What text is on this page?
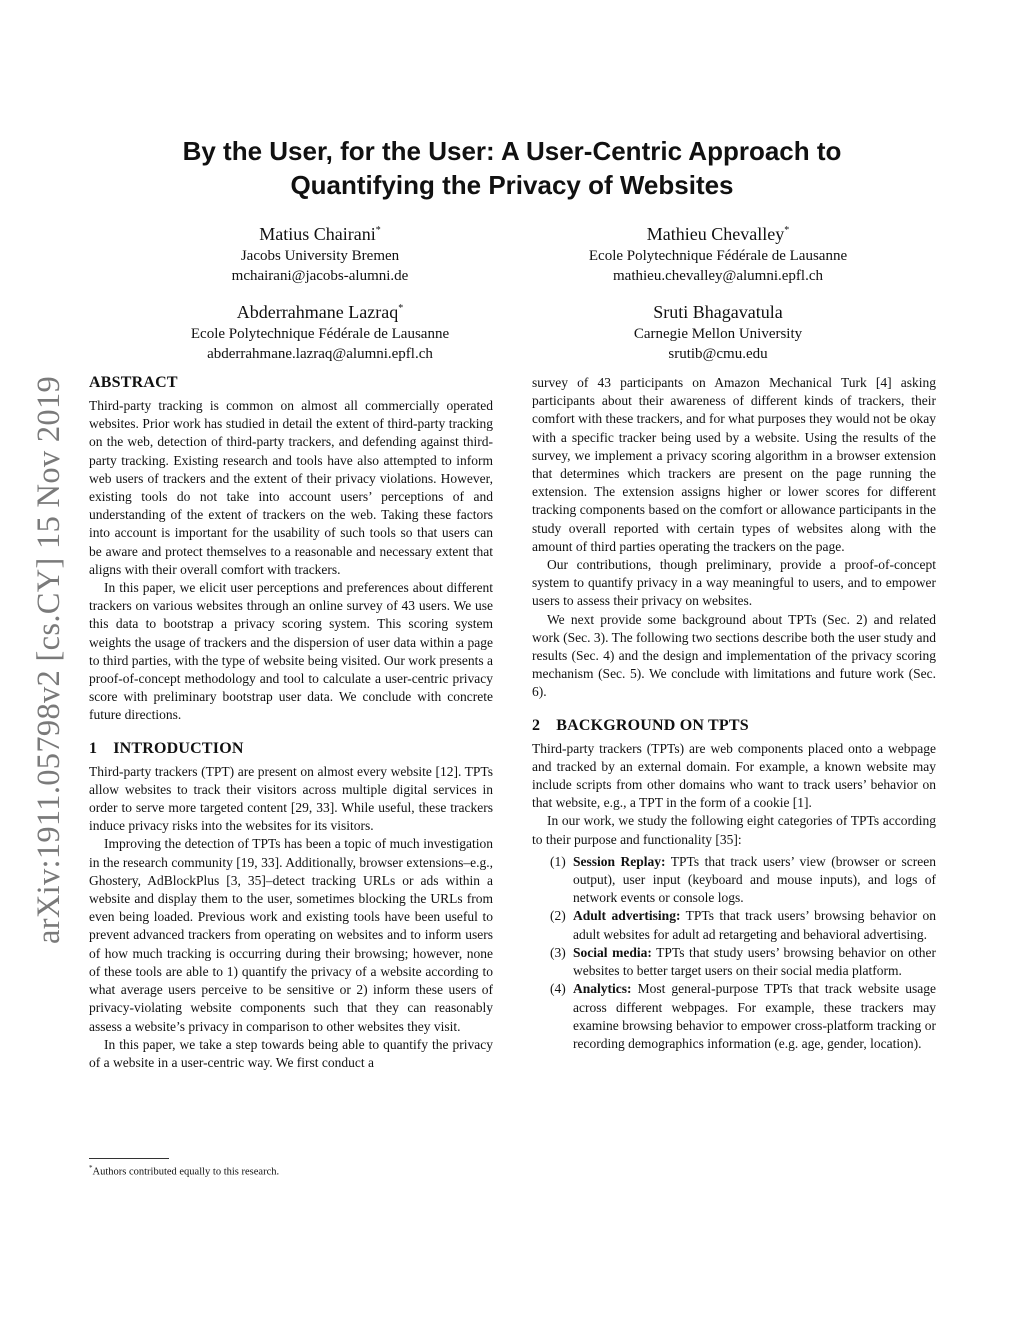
arXiv:1911.05798v2 [cs.CY] 15 Nov 2019
By the User, for the User: A User-Centric Approach to
Quantifying the Privacy of Websites
Matius Chairani*
Jacobs University Bremen
mchairani@jacobs-alumni.de
Mathieu Chevalley*
Ecole Polytechnique Fédérale de Lausanne
mathieu.chevalley@alumni.epfl.ch
Abderrahmane Lazraq*
Ecole Polytechnique Fédérale de Lausanne
abderrahmane.lazraq@alumni.epfl.ch
Sruti Bhagavatula
Carnegie Mellon University
srutib@cmu.edu
ABSTRACT

Third-party tracking is common on almost all commercially operated websites. Prior work has studied in detail the extent of third-party tracking on the web, detection of third-party trackers, and defending against third-party tracking. Existing research and tools have also attempted to inform web users of trackers and the extent of their privacy violations. However, existing tools do not take into account users’ perceptions of and understanding of the extent of trackers on the web. Taking these factors into account is important for the usability of such tools so that users can be aware and protect themselves to a reasonable and necessary extent that aligns with their overall comfort with trackers.

In this paper, we elicit user perceptions and preferences about different trackers on various websites through an online survey of 43 users. We use this data to bootstrap a privacy scoring system. This scoring system weights the usage of trackers and the dispersion of user data within a page to third parties, with the type of website being visited. Our work presents a proof-of-concept methodology and tool to calculate a user-centric privacy score with preliminary bootstrap user data. We conclude with concrete future directions.

1 INTRODUCTION

Third-party trackers (TPT) are present on almost every website [12]. TPTs allow websites to track their visitors across multiple digital services in order to serve more targeted content [29, 33]. While useful, these trackers induce privacy risks into the websites for its visitors.

Improving the detection of TPTs has been a topic of much investigation in the research community [19, 33]. Additionally, browser extensions–e.g., Ghostery, AdBlockPlus [3, 35]–detect tracking URLs or ads within a website and display them to the user, sometimes blocking the URLs from even being loaded. Previous work and existing tools have been useful to prevent advanced trackers from operating on websites and to inform users of how much tracking is occurring during their browsing; however, none of these tools are able to 1) quantify the privacy of a website according to what average users perceive to be sensitive or 2) inform these users of privacy-violating website components such that they can reasonably assess a website’s privacy in comparison to other websites they visit.

In this paper, we take a step towards being able to quantify the privacy of a website in a user-centric way. We first conduct a

survey of 43 participants on Amazon Mechanical Turk [4] asking participants about their awareness of different kinds of trackers, their comfort with these trackers, and for what purposes they would not be okay with a specific tracker being used by a website. Using the results of the survey, we implement a privacy scoring algorithm in a browser extension that determines which trackers are present on the page running the extension. The extension assigns higher or lower scores for different tracking components based on the comfort or allowance participants in the study overall reported with certain types of websites along with the amount of third parties operating the trackers on the page.

Our contributions, though preliminary, provide a proof-of-concept system to quantify privacy in a way meaningful to users, and to empower users to assess their privacy on websites.

We next provide some background about TPTs (Sec. 2) and related work (Sec. 3). The following two sections describe both the user study and results (Sec. 4) and the design and implementation of the privacy scoring mechanism (Sec. 5). We conclude with limitations and future work (Sec. 6).

2 BACKGROUND ON TPTS

Third-party trackers (TPTs) are web components placed onto a webpage and tracked by an external domain. For example, a known website may include scripts from other domains who want to track users’ behavior on that website, e.g., a TPT in the form of a cookie [1].

In our work, we study the following eight categories of TPTs according to their purpose and functionality [35]:

(1) Session Replay: TPTs that track users’ view (browser or screen output), user input (keyboard and mouse inputs), and logs of network events or console logs.
(2) Adult advertising: TPTs that track users’ browsing behavior on adult websites for adult ad retargeting and behavioral advertising.
(3) Social media: TPTs that study users’ browsing behavior on other websites to better target users on their social media platform.
(4) Analytics: Most general-purpose TPTs that track website usage across different webpages. For example, these trackers may examine browsing behavior to empower cross-platform tracking or recording demographics information (e.g. age, gender, location).
*Authors contributed equally to this research.
